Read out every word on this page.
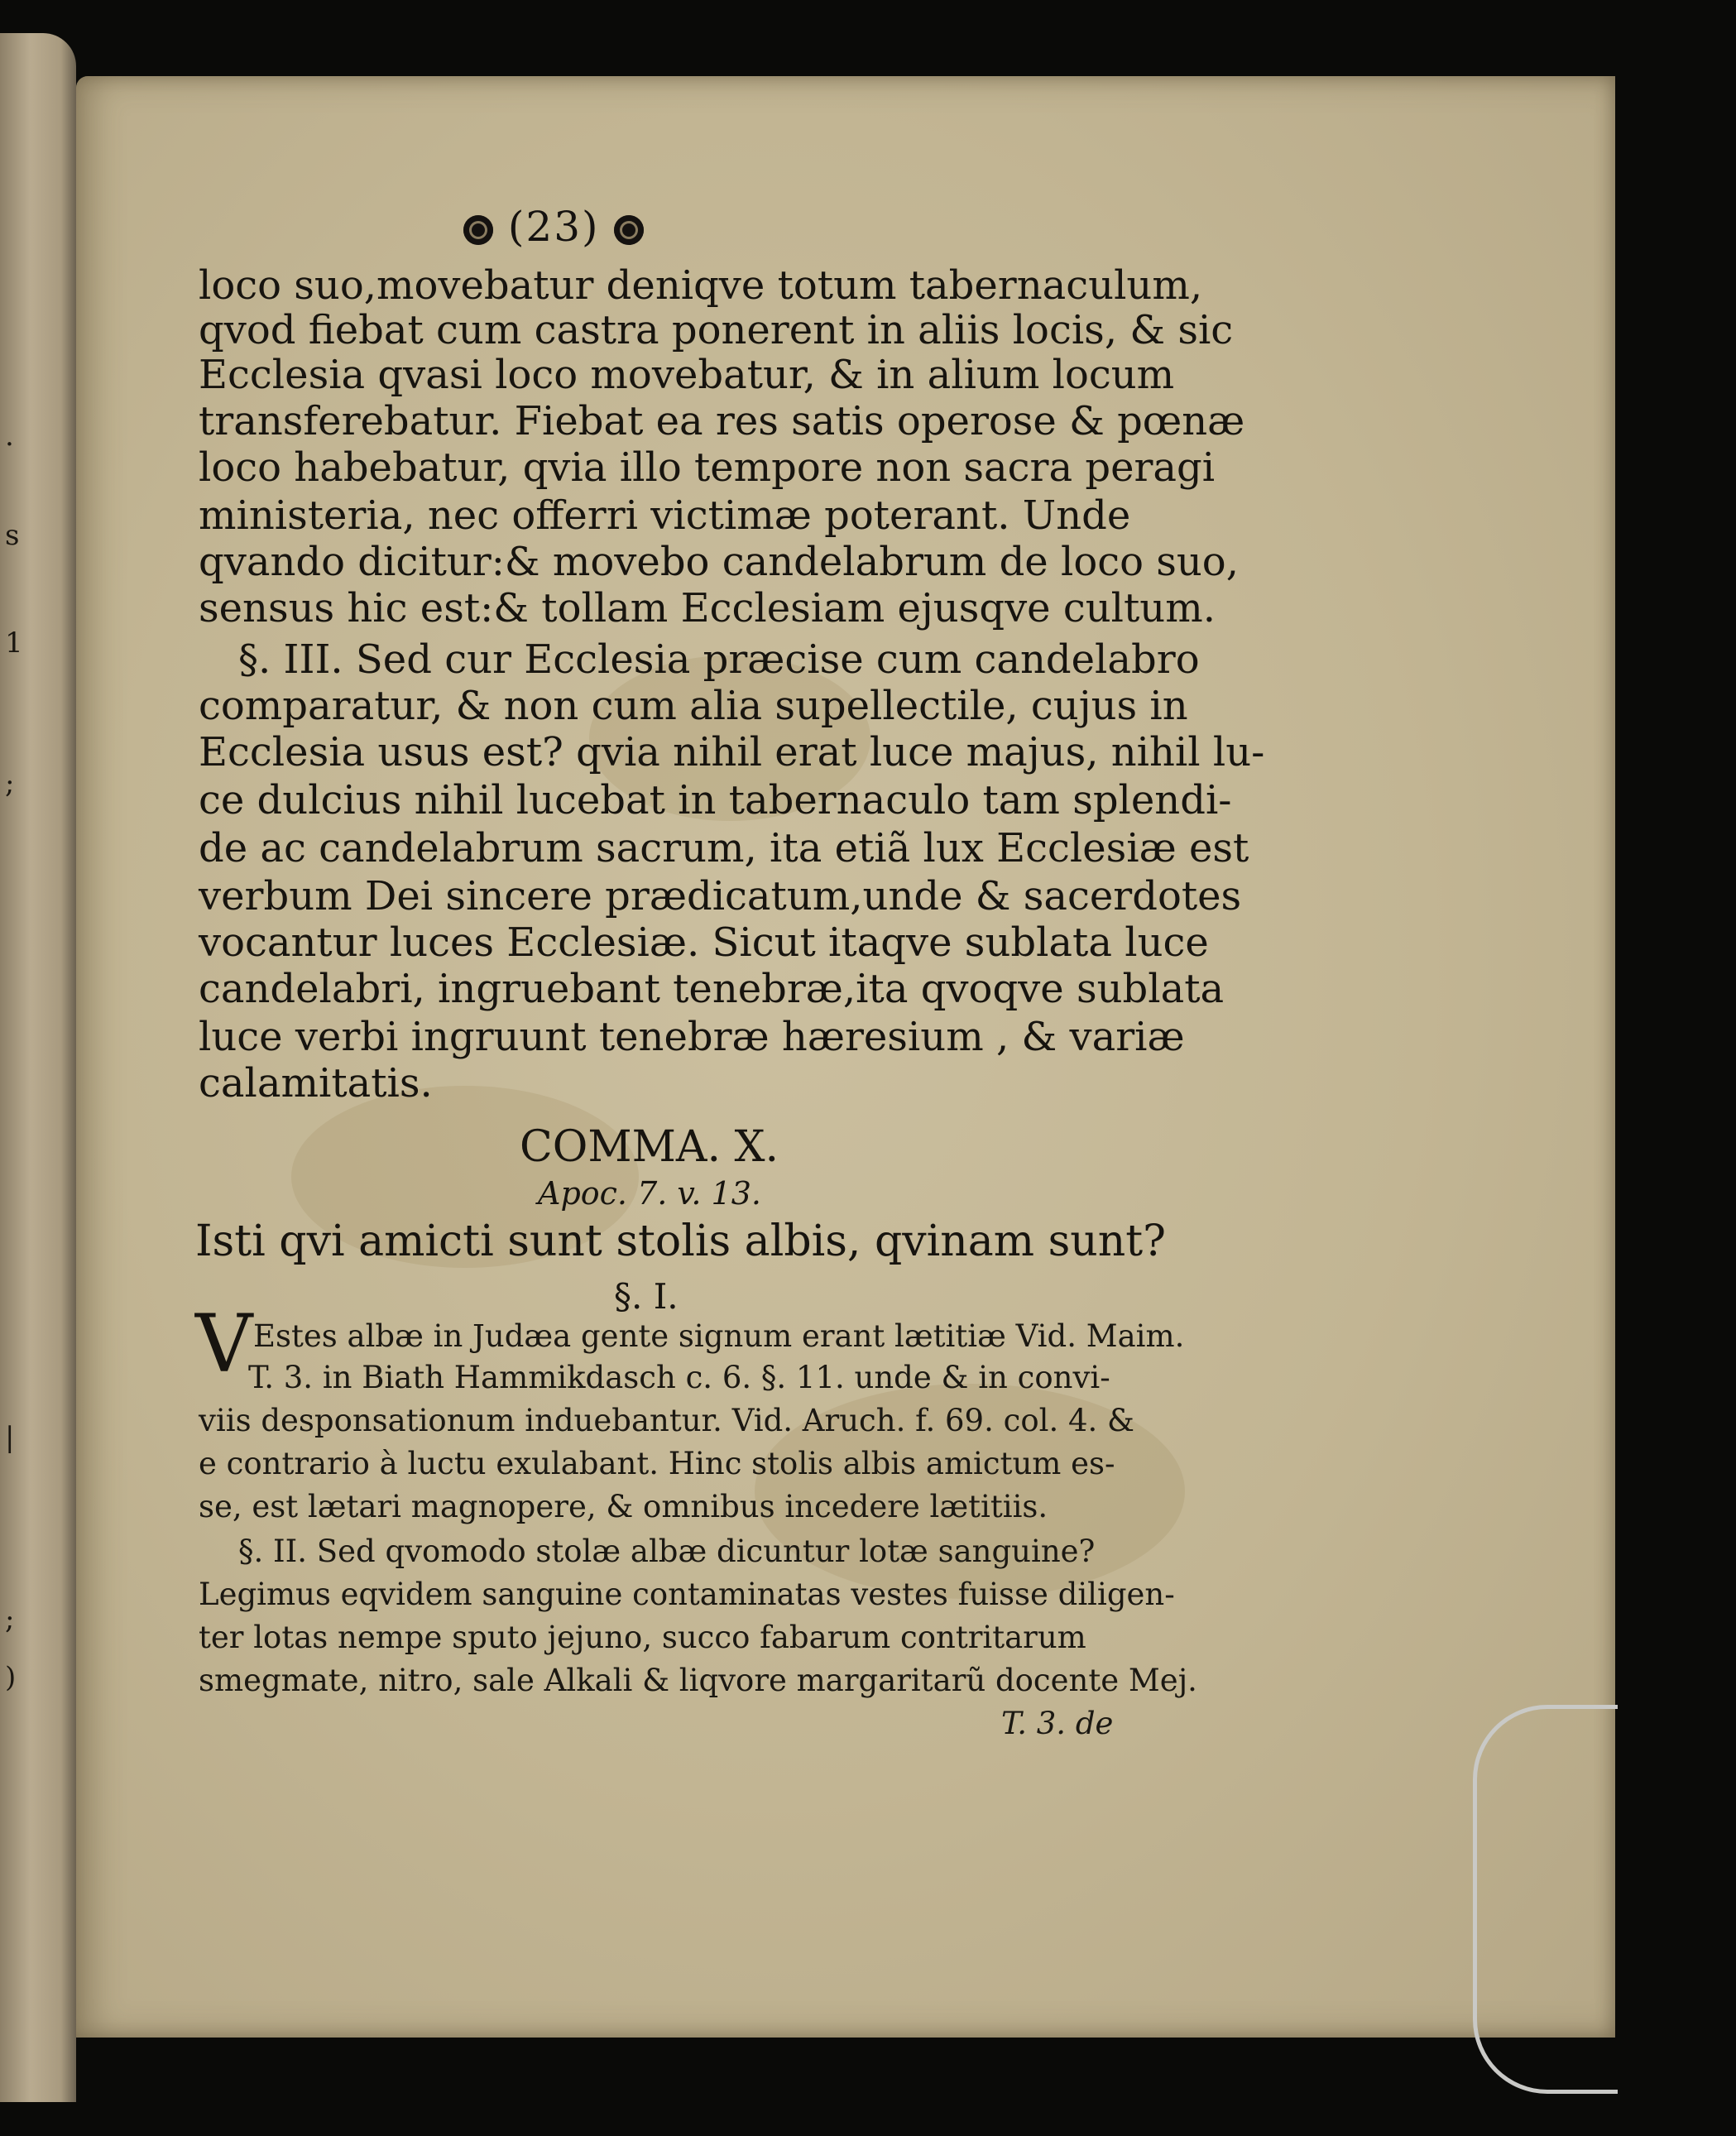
.
s
1
;
|
;
)
(23)
loco suo,movebatur deniqve totum tabernaculum,
qvod fiebat cum castra ponerent in aliis locis, & sic
Ecclesia qvasi loco movebatur, & in alium locum
transferebatur. Fiebat ea res satis operose & pœnæ
loco habebatur, qvia illo tempore non sacra peragi
ministeria, nec offerri victimæ poterant. Unde
qvando dicitur:& movebo candelabrum de loco suo,
sensus hic est:& tollam Ecclesiam ejusqve cultum.
§. III. Sed cur Ecclesia præcise cum candelabro
comparatur, & non cum alia supellectile, cujus in
Ecclesia usus est? qvia nihil erat luce majus, nihil lu-
ce dulcius nihil lucebat in tabernaculo tam splendi-
de ac candelabrum sacrum, ita etiã lux Ecclesiæ est
verbum Dei sincere prædicatum,unde & sacerdotes
vocantur luces Ecclesiæ. Sicut itaqve sublata luce
candelabri, ingruebant tenebræ,ita qvoqve sublata
luce verbi ingruunt tenebræ hæresium , & variæ
calamitatis.
COMMA. X.
Apoc. 7. v. 13.
Isti qvi amicti sunt stolis albis, qvinam sunt?
§. I.
V Estes albæ in Judæa gente signum erant lætitiæ Vid. Maim.
T. 3. in Biath Hammikdasch c. 6. §. 11. unde & in convi-
viis desponsationum induebantur. Vid. Aruch. f. 69. col. 4. &
e contrario à luctu exulabant. Hinc stolis albis amictum es-
se, est lætari magnopere, & omnibus incedere lætitiis.
§. II. Sed qvomodo stolæ albæ dicuntur lotæ sanguine?
Legimus eqvidem sanguine contaminatas vestes fuisse diligen-
ter lotas nempe sputo jejuno, succo fabarum contritarum
smegmate, nitro, sale Alkali & liqvore margaritarũ docente Mej.
T. 3. de
